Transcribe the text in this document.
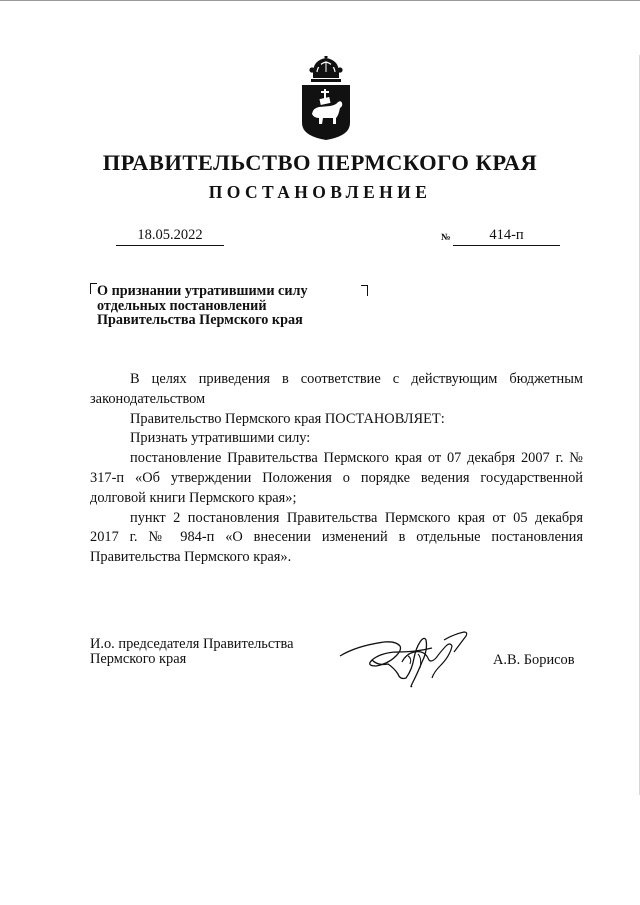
ПРАВИТЕЛЬСТВО ПЕРМСКОГО КРАЯ
ПОСТАНОВЛЕНИЕ
18.05.2022	№	414-п
О признании утратившими силу
отдельных постановлений
Правительства Пермского края

В целях приведения в соответствие с действующим бюджетным законодательством

Правительство Пермского края ПОСТАНОВЛЯЕТ:

Признать утратившими силу:

постановление Правительства Пермского края от 07 декабря 2007 г. № 317-п «Об утверждении Положения о порядке ведения государственной долговой книги Пермского края»;

пункт 2 постановления Правительства Пермского края от 05 декабря 2017 г. № 984-п «О внесении изменений в отдельные постановления Правительства Пермского края».

И.о. председателя Правительства
Пермского края	А.В. Борисов
